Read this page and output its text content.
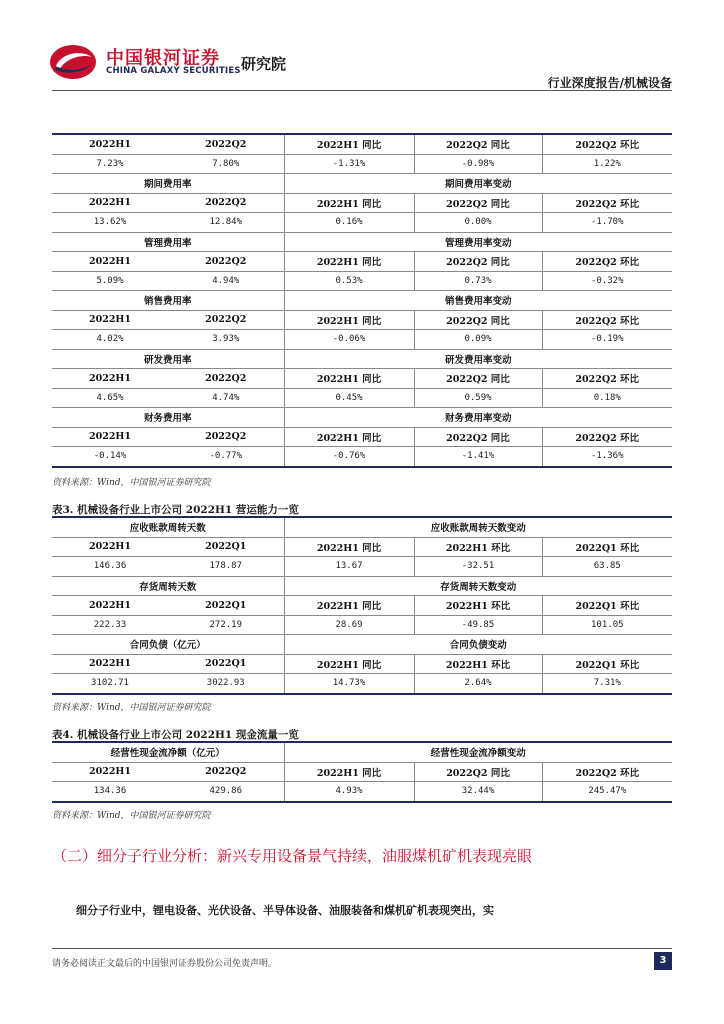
中国银河证券
CHINA GALAXY SECURITIES 研究院
行业深度报告/机械设备
2022H1	2022Q2	2022H1 同比	2022Q2 同比	2022Q2 环比
7.23%	7.80%	-1.31%	-0.98%	1.22%
期间费用率		期间费用率变动		
2022H1	2022Q2	2022H1 同比	2022Q2 同比	2022Q2 环比
13.62%	12.84%	0.16%	0.00%	-1.70%
管理费用率		管理费用率变动		
2022H1	2022Q2	2022H1 同比	2022Q2 同比	2022Q2 环比
5.09%	4.94%	0.53%	0.73%	-0.32%
销售费用率		销售费用率变动		
2022H1	2022Q2	2022H1 同比	2022Q2 同比	2022Q2 环比
4.02%	3.93%	-0.06%	0.09%	-0.19%
研发费用率		研发费用率变动		
2022H1	2022Q2	2022H1 同比	2022Q2 同比	2022Q2 环比
4.65%	4.74%	0.45%	0.59%	0.18%
财务费用率		财务费用率变动		
2022H1	2022Q2	2022H1 同比	2022Q2 同比	2022Q2 环比
-0.14%	-0.77%	-0.76%	-1.41%	-1.36%
资料来源：Wind，中国银河证券研究院
表3. 机械设备行业上市公司 2022H1 营运能力一览
应收账款周转天数		应收账款周转天数变动		
2022H1	2022Q1	2022H1 同比	2022H1 环比	2022Q1 环比
146.36	178.87	13.67	-32.51	63.85
存货周转天数		存货周转天数变动		
2022H1	2022Q1	2022H1 同比	2022H1 环比	2022Q1 环比
222.33	272.19	28.69	-49.85	101.05
合同负债（亿元）		合同负债变动		
2022H1	2022Q1	2022H1 同比	2022H1 环比	2022Q1 环比
3102.71	3022.93	14.73%	2.64%	7.31%
资料来源：Wind，中国银河证券研究院
表4. 机械设备行业上市公司 2022H1 现金流量一览
经营性现金流净额（亿元）		经营性现金流净额变动		
2022H1	2022Q2	2022H1 同比	2022Q2 同比	2022Q2 环比
134.36	429.86	4.93%	32.44%	245.47%
资料来源：Wind，中国银河证券研究院
（二）细分子行业分析：新兴专用设备景气持续，油服煤机矿机表现亮眼
细分子行业中，锂电设备、光伏设备、半导体设备、油服装备和煤机矿机表现突出，实
请务必阅读正文最后的中国银河证券股份公司免责声明。	3
